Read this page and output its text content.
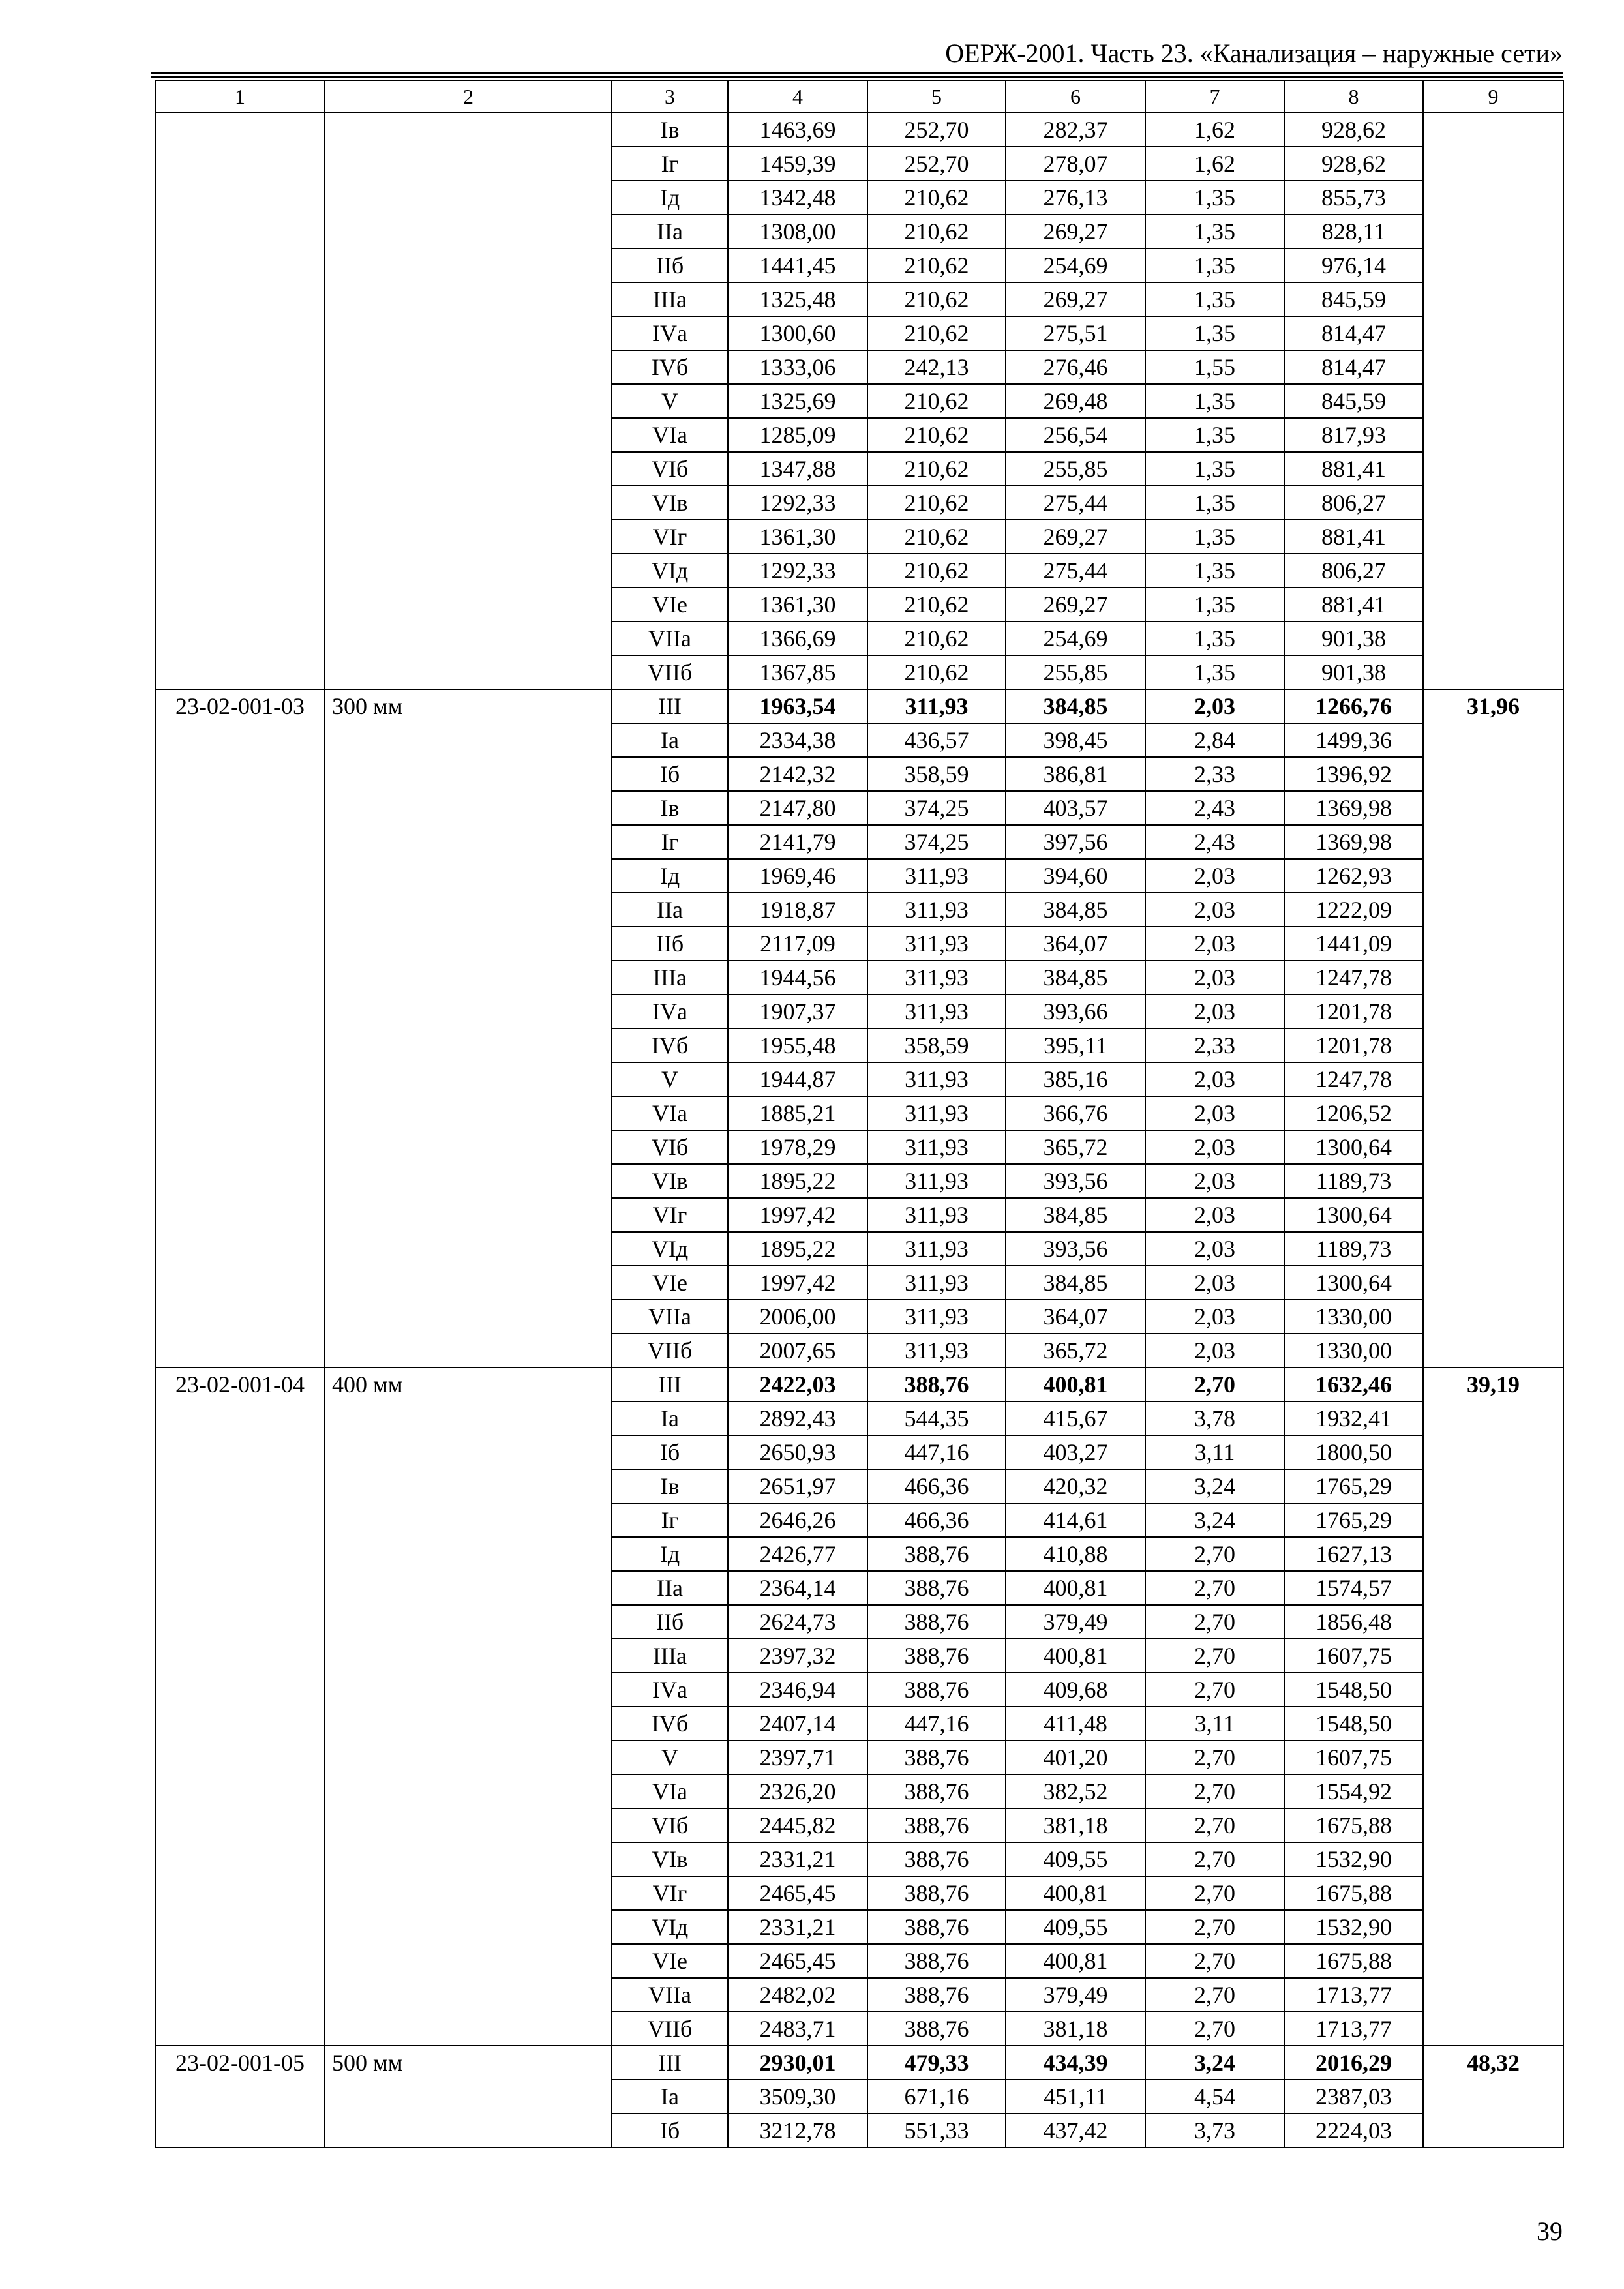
ОЕРЖ-2001. Часть 23. «Канализация – наружные сети»
1	2	3	4	5	6	7	8	9
		Iв	1463,69	252,70	282,37	1,62	928,62	
		Iг	1459,39	252,70	278,07	1,62	928,62	
		Iд	1342,48	210,62	276,13	1,35	855,73	
		IIа	1308,00	210,62	269,27	1,35	828,11	
		IIб	1441,45	210,62	254,69	1,35	976,14	
		IIIа	1325,48	210,62	269,27	1,35	845,59	
		IVа	1300,60	210,62	275,51	1,35	814,47	
		IVб	1333,06	242,13	276,46	1,55	814,47	
		V	1325,69	210,62	269,48	1,35	845,59	
		VIа	1285,09	210,62	256,54	1,35	817,93	
		VIб	1347,88	210,62	255,85	1,35	881,41	
		VIв	1292,33	210,62	275,44	1,35	806,27	
		VIг	1361,30	210,62	269,27	1,35	881,41	
		VIд	1292,33	210,62	275,44	1,35	806,27	
		VIе	1361,30	210,62	269,27	1,35	881,41	
		VIIа	1366,69	210,62	254,69	1,35	901,38	
		VIIб	1367,85	210,62	255,85	1,35	901,38	
23-02-001-03	300 мм	III	1963,54	311,93	384,85	2,03	1266,76	31,96
		Iа	2334,38	436,57	398,45	2,84	1499,36	
		Iб	2142,32	358,59	386,81	2,33	1396,92	
		Iв	2147,80	374,25	403,57	2,43	1369,98	
		Iг	2141,79	374,25	397,56	2,43	1369,98	
		Iд	1969,46	311,93	394,60	2,03	1262,93	
		IIа	1918,87	311,93	384,85	2,03	1222,09	
		IIб	2117,09	311,93	364,07	2,03	1441,09	
		IIIа	1944,56	311,93	384,85	2,03	1247,78	
		IVа	1907,37	311,93	393,66	2,03	1201,78	
		IVб	1955,48	358,59	395,11	2,33	1201,78	
		V	1944,87	311,93	385,16	2,03	1247,78	
		VIа	1885,21	311,93	366,76	2,03	1206,52	
		VIб	1978,29	311,93	365,72	2,03	1300,64	
		VIв	1895,22	311,93	393,56	2,03	1189,73	
		VIг	1997,42	311,93	384,85	2,03	1300,64	
		VIд	1895,22	311,93	393,56	2,03	1189,73	
		VIе	1997,42	311,93	384,85	2,03	1300,64	
		VIIа	2006,00	311,93	364,07	2,03	1330,00	
		VIIб	2007,65	311,93	365,72	2,03	1330,00	
23-02-001-04	400 мм	III	2422,03	388,76	400,81	2,70	1632,46	39,19
		Iа	2892,43	544,35	415,67	3,78	1932,41	
		Iб	2650,93	447,16	403,27	3,11	1800,50	
		Iв	2651,97	466,36	420,32	3,24	1765,29	
		Iг	2646,26	466,36	414,61	3,24	1765,29	
		Iд	2426,77	388,76	410,88	2,70	1627,13	
		IIа	2364,14	388,76	400,81	2,70	1574,57	
		IIб	2624,73	388,76	379,49	2,70	1856,48	
		IIIа	2397,32	388,76	400,81	2,70	1607,75	
		IVа	2346,94	388,76	409,68	2,70	1548,50	
		IVб	2407,14	447,16	411,48	3,11	1548,50	
		V	2397,71	388,76	401,20	2,70	1607,75	
		VIа	2326,20	388,76	382,52	2,70	1554,92	
		VIб	2445,82	388,76	381,18	2,70	1675,88	
		VIв	2331,21	388,76	409,55	2,70	1532,90	
		VIг	2465,45	388,76	400,81	2,70	1675,88	
		VIд	2331,21	388,76	409,55	2,70	1532,90	
		VIе	2465,45	388,76	400,81	2,70	1675,88	
		VIIа	2482,02	388,76	379,49	2,70	1713,77	
		VIIб	2483,71	388,76	381,18	2,70	1713,77	
23-02-001-05	500 мм	III	2930,01	479,33	434,39	3,24	2016,29	48,32
		Iа	3509,30	671,16	451,11	4,54	2387,03	
		Iб	3212,78	551,33	437,42	3,73	2224,03	
39
